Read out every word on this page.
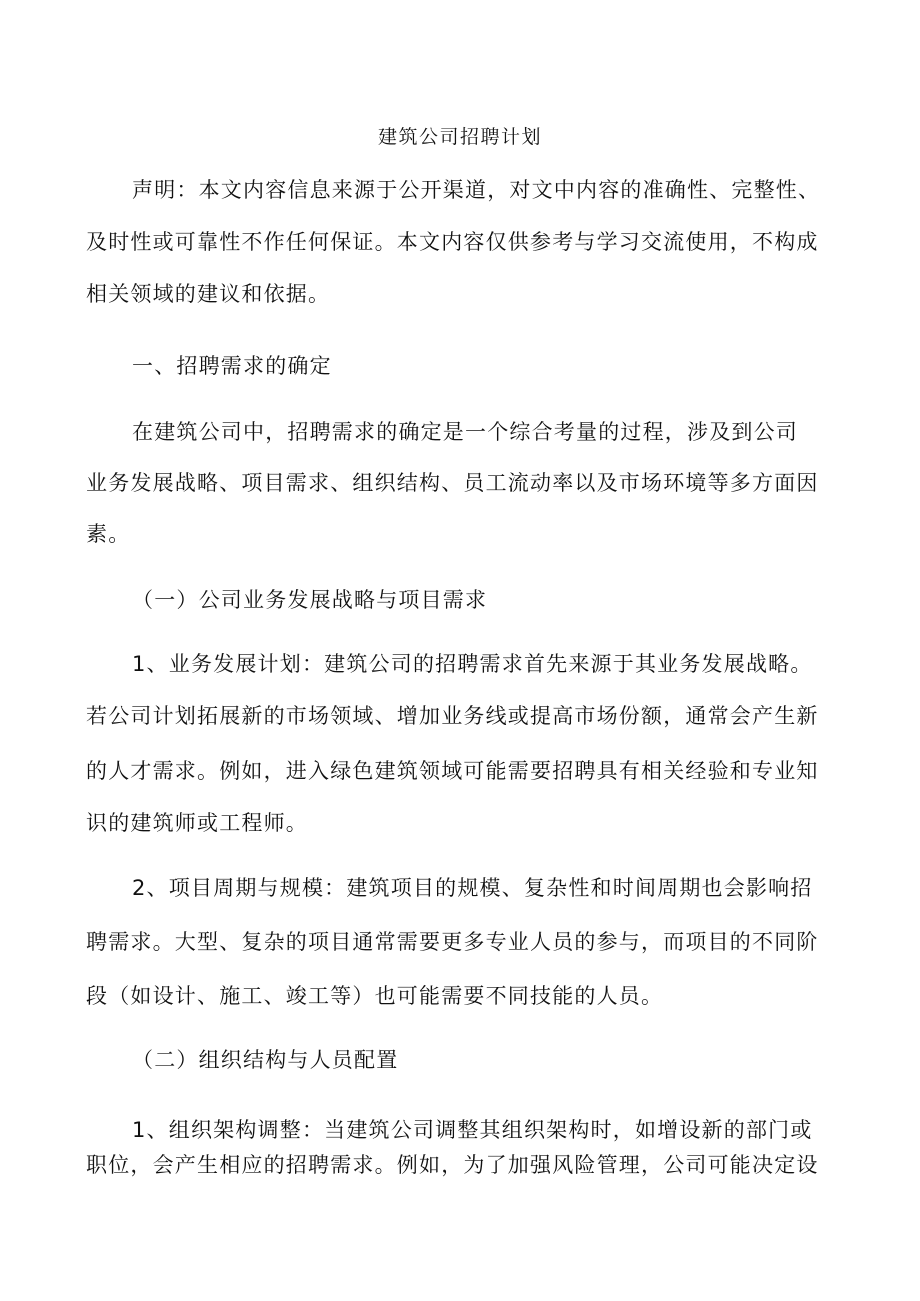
建筑公司招聘计划
声明：本文内容信息来源于公开渠道，对文中内容的准确性、完整性、
及时性或可靠性不作任何保证。本文内容仅供参考与学习交流使用，不构成
相关领域的建议和依据。
一、招聘需求的确定
在建筑公司中，招聘需求的确定是一个综合考量的过程，涉及到公司
业务发展战略、项目需求、组织结构、员工流动率以及市场环境等多方面因
素。
（一）公司业务发展战略与项目需求
1、业务发展计划：建筑公司的招聘需求首先来源于其业务发展战略。
若公司计划拓展新的市场领域、增加业务线或提高市场份额，通常会产生新
的人才需求。例如，进入绿色建筑领域可能需要招聘具有相关经验和专业知
识的建筑师或工程师。
2、项目周期与规模：建筑项目的规模、复杂性和时间周期也会影响招
聘需求。大型、复杂的项目通常需要更多专业人员的参与，而项目的不同阶
段（如设计、施工、竣工等）也可能需要不同技能的人员。
（二）组织结构与人员配置
1、组织架构调整：当建筑公司调整其组织架构时，如增设新的部门或
职位，会产生相应的招聘需求。例如，为了加强风险管理，公司可能决定设
